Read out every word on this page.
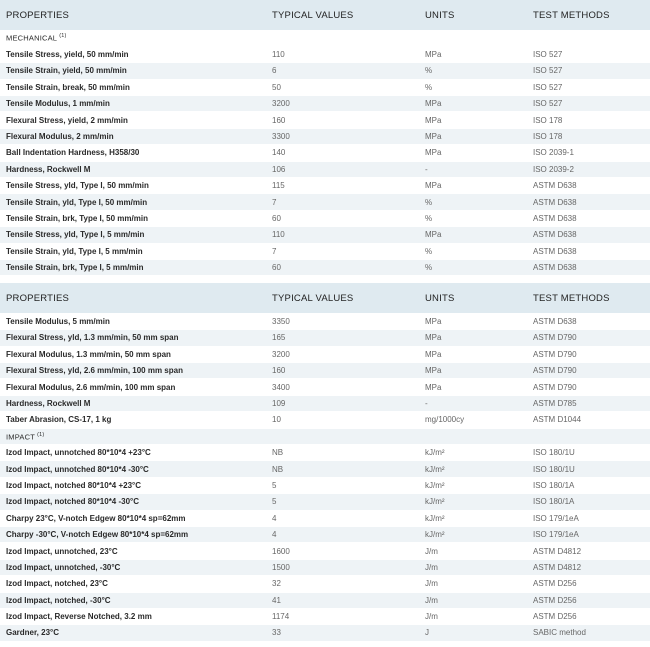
PROPERTIES	TYPICAL VALUES	UNITS	TEST METHODS
MECHANICAL $^{(1)}$
Tensile Stress, yield, 50 mm/min	110	MPa	ISO 527
Tensile Strain, yield, 50 mm/min	6	%	ISO 527
Tensile Strain, break, 50 mm/min	50	%	ISO 527
Tensile Modulus, 1 mm/min	3200	MPa	ISO 527
Flexural Stress, yield, 2 mm/min	160	MPa	ISO 178
Flexural Modulus, 2 mm/min	3300	MPa	ISO 178
Ball Indentation Hardness, H358/30	140	MPa	ISO 2039-1
Hardness, Rockwell M	106	-	ISO 2039-2
Tensile Stress, yld, Type I, 50 mm/min	115	MPa	ASTM D638
Tensile Strain, yld, Type I, 50 mm/min	7	%	ASTM D638
Tensile Strain, brk, Type I, 50 mm/min	60	%	ASTM D638
Tensile Stress, yld, Type I, 5 mm/min	110	MPa	ASTM D638
Tensile Strain, yld, Type I, 5 mm/min	7	%	ASTM D638
Tensile Strain, brk, Type I, 5 mm/min	60	%	ASTM D638
PROPERTIES	TYPICAL VALUES	UNITS	TEST METHODS
Tensile Modulus, 5 mm/min	3350	MPa	ASTM D638
Flexural Stress, yld, 1.3 mm/min, 50 mm span	165	MPa	ASTM D790
Flexural Modulus, 1.3 mm/min, 50 mm span	3200	MPa	ASTM D790
Flexural Stress, yld, 2.6 mm/min, 100 mm span	160	MPa	ASTM D790
Flexural Modulus, 2.6 mm/min, 100 mm span	3400	MPa	ASTM D790
Hardness, Rockwell M	109	-	ASTM D785
Taber Abrasion, CS-17, 1 kg	10	mg/1000cy	ASTM D1044
IMPACT $^{(1)}$
Izod Impact, unnotched 80*10*4 +23°C	NB	kJ/m²	ISO 180/1U
Izod Impact, unnotched 80*10*4 -30°C	NB	kJ/m²	ISO 180/1U
Izod Impact, notched 80*10*4 +23°C	5	kJ/m²	ISO 180/1A
Izod Impact, notched 80*10*4 -30°C	5	kJ/m²	ISO 180/1A
Charpy 23°C, V-notch Edgew 80*10*4 sp=62mm	4	kJ/m²	ISO 179/1eA
Charpy -30°C, V-notch Edgew 80*10*4 sp=62mm	4	kJ/m²	ISO 179/1eA
Izod Impact, unnotched, 23°C	1600	J/m	ASTM D4812
Izod Impact, unnotched, -30°C	1500	J/m	ASTM D4812
Izod Impact, notched, 23°C	32	J/m	ASTM D256
Izod Impact, notched, -30°C	41	J/m	ASTM D256
Izod Impact, Reverse Notched, 3.2 mm	1174	J/m	ASTM D256
Gardner, 23°C	33	J	SABIC method
